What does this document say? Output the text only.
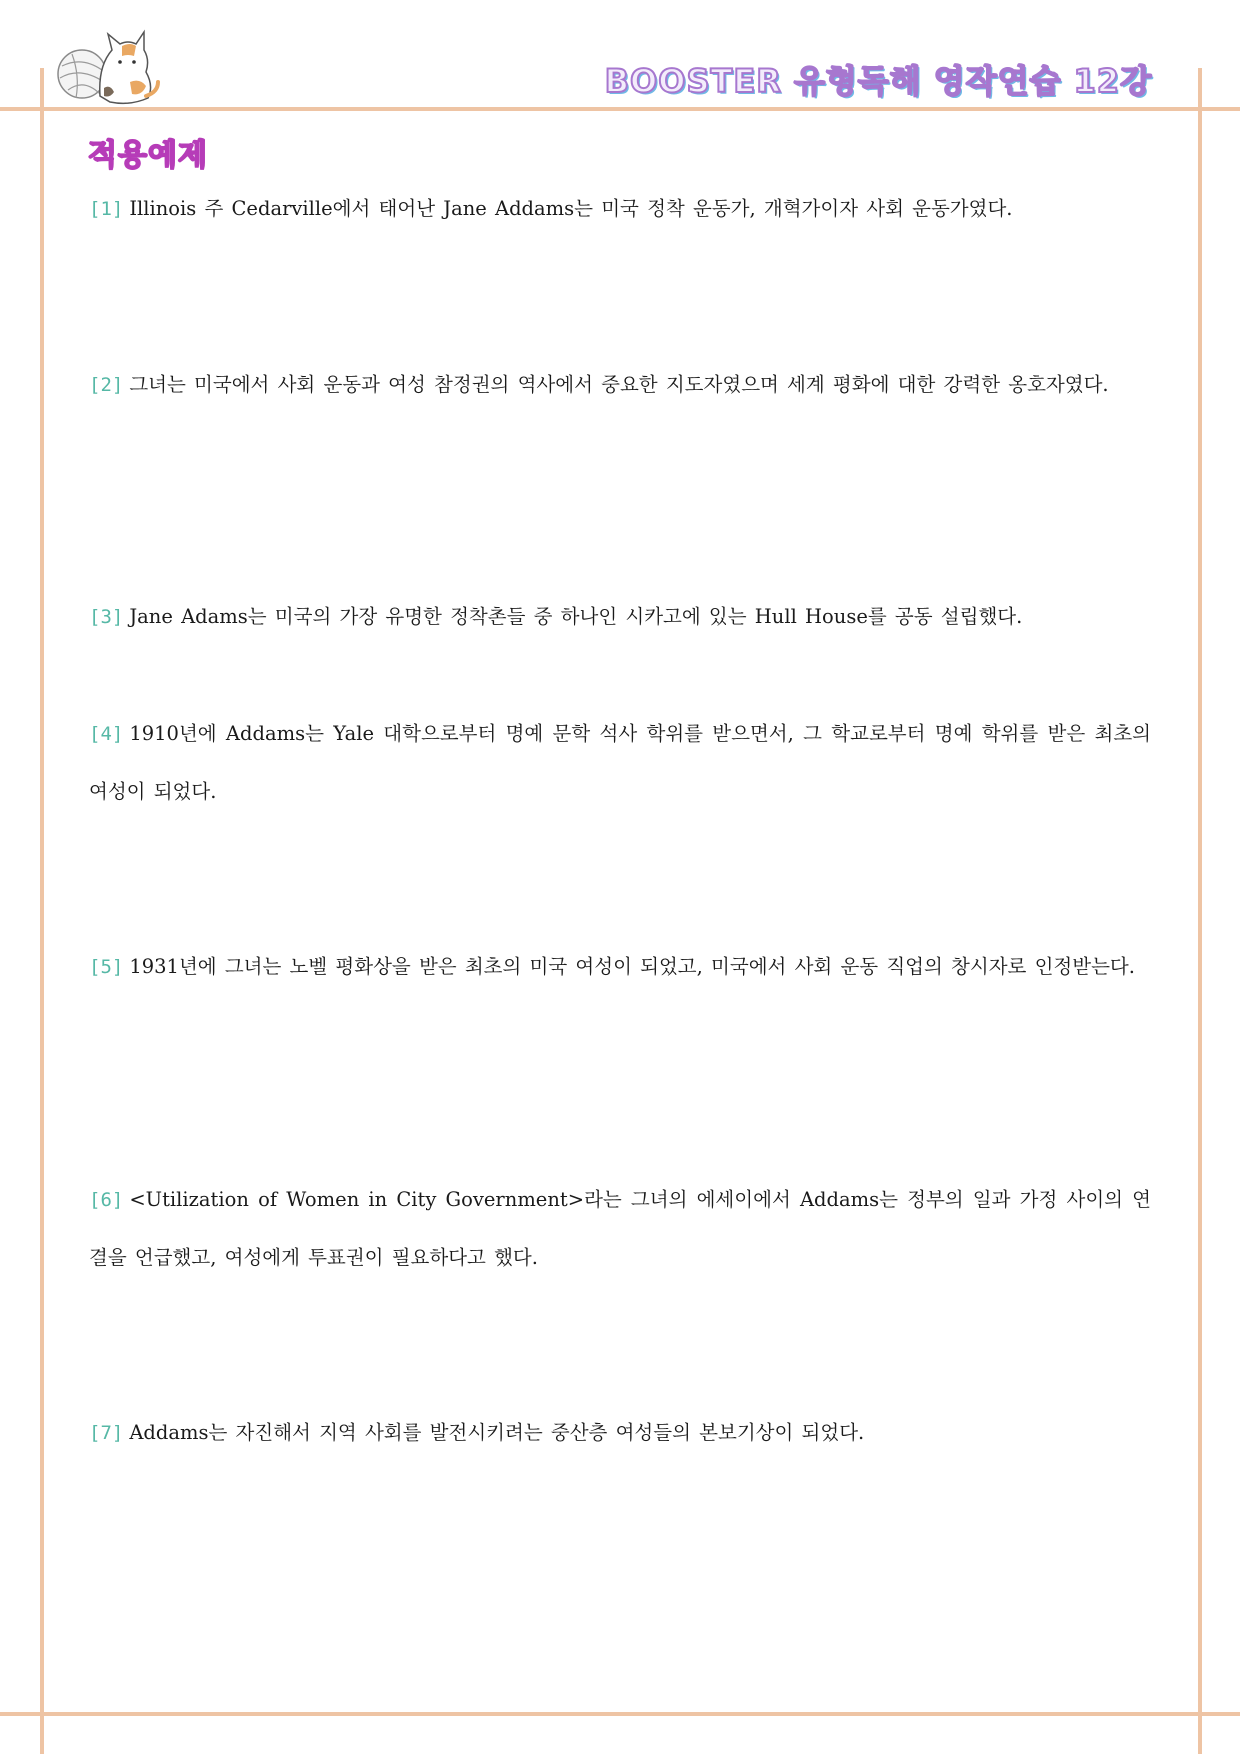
BOOSTER 유형독해 영작연습 12강
적용예제

[1] Illinois 주 Cedarville에서 태어난 Jane Addams는 미국 정착 운동가, 개혁가이자 사회 운동가였다.

[2] 그녀는 미국에서 사회 운동과 여성 참정권의 역사에서 중요한 지도자였으며 세계 평화에 대한 강력한 옹호자였다.

[3] Jane Adams는 미국의 가장 유명한 정착촌들 중 하나인 시카고에 있는 Hull House를 공동 설립했다.

[4] 1910년에 Addams는 Yale 대학으로부터 명예 문학 석사 학위를 받으면서, 그 학교로부터 명예 학위를 받은 최초의 여성이 되었다.

[5] 1931년에 그녀는 노벨 평화상을 받은 최초의 미국 여성이 되었고, 미국에서 사회 운동 직업의 창시자로 인정받는다.

[6] <Utilization of Women in City Government>라는 그녀의 에세이에서 Addams는 정부의 일과 가정 사이의 연결을 언급했고, 여성에게 투표권이 필요하다고 했다.

[7] Addams는 자진해서 지역 사회를 발전시키려는 중산층 여성들의 본보기상이 되었다.
